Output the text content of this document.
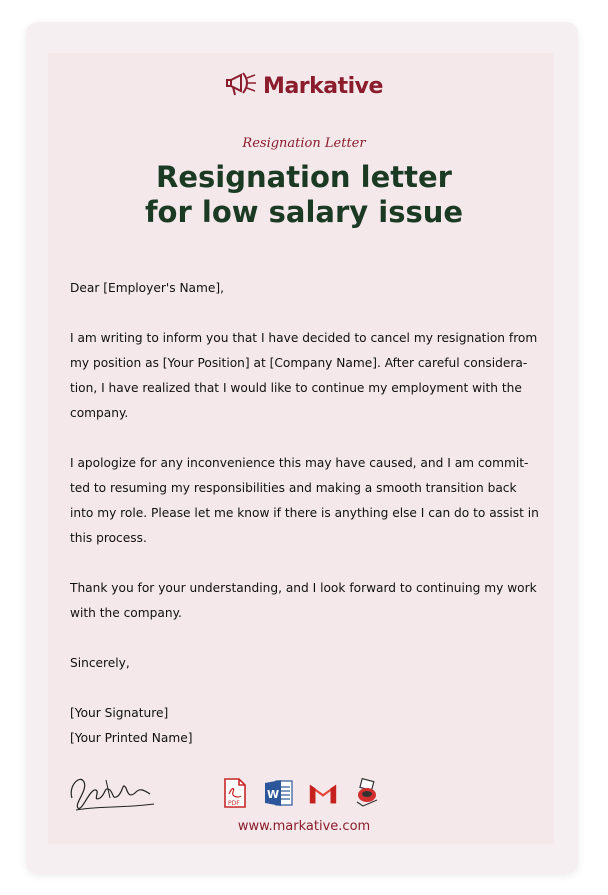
Markative
Resignation Letter
Resignation letter
for low salary issue

Dear [Employer's Name],

I am writing to inform you that I have decided to cancel my resignation from

my position as [Your Position] at [Company Name]. After careful considera-

tion, I have realized that I would like to continue my employment with the

company.

I apologize for any inconvenience this may have caused, and I am commit-

ted to resuming my responsibilities and making a smooth transition back

into my role. Please let me know if there is anything else I can do to assist in

this process.

Thank you for your understanding, and I look forward to continuing my work

with the company.

Sincerely,

[Your Signature]

[Your Printed Name]

PDF
W
www.markative.com
